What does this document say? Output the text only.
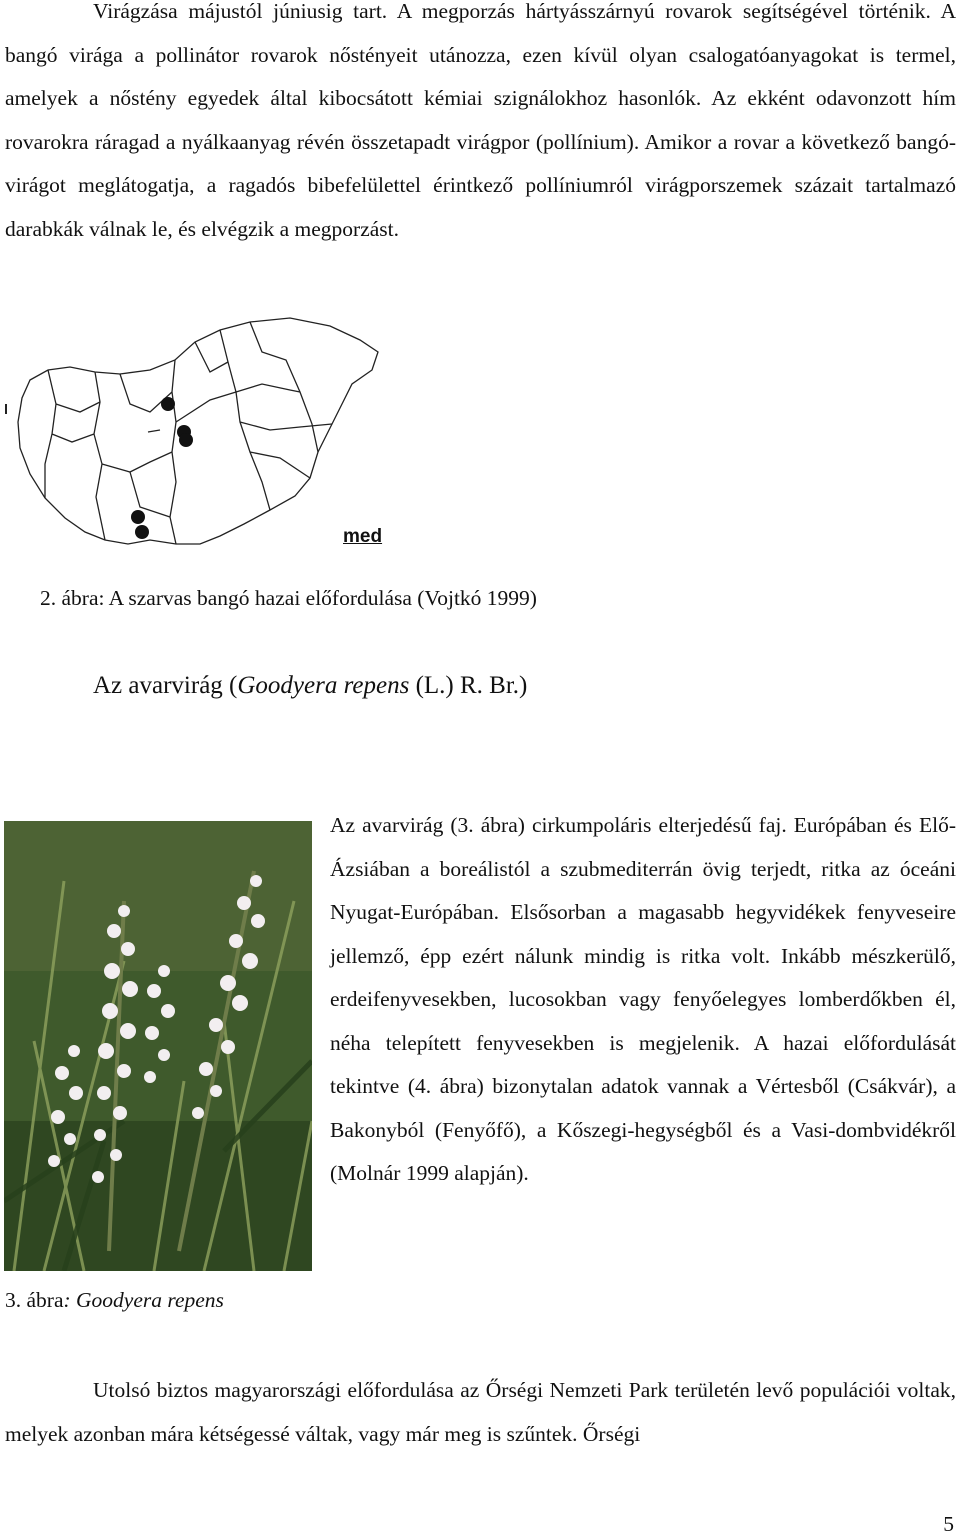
Virágzása májustól júniusig tart. A megporzás hártyásszárnyú rovarok segítségével történik. A bangó virága a pollinátor rovarok nőstényeit utánozza, ezen kívül olyan csalogatóanyagokat is termel, amelyek a nőstény egyedek által kibocsátott kémiai szignálokhoz hasonlók. Az ekként odavonzott hím rovarokra ráragad a nyálkaanyag révén összetapadt virágpor (pollínium). Amikor a rovar a következő bangó-virágot meglátogatja, a ragadós bibefelülettel érintkező pollíniumról virágporszemek százait tartalmazó darabkák válnak le, és elvégzik a megporzást.

med
2. ábra: A szarvas bangó hazai előfordulása (Vojtkó 1999)
Az avarvirág (Goodyera repens (L.) R. Br.)
3. ábra: Goodyera repens

Az avarvirág (3. ábra) cirkumpoláris elterjedésű faj. Európában és Elő-Ázsiában a boreálistól a szubmediterrán övig terjedt, ritka az óceáni Nyugat-Európában. Elsősorban a magasabb hegyvidékek fenyveseire jellemző, épp ezért nálunk mindig is ritka volt. Inkább mészkerülő, erdeifenyvesekben, lucosokban vagy fenyőelegyes lomberdőkben él, néha telepített fenyvesekben is megjelenik. A hazai előfordulását tekintve (4. ábra) bizonytalan adatok vannak a Vértesből (Csákvár), a Bakonyból (Fenyőfő), a Kőszegi-hegységből és a Vasi-dombvidékről (Molnár 1999 alapján).

Utolsó biztos magyarországi előfordulása az Őrségi Nemzeti Park területén levő populációi voltak, melyek azonban mára kétségessé váltak, vagy már meg is szűntek. Őrségi

5
